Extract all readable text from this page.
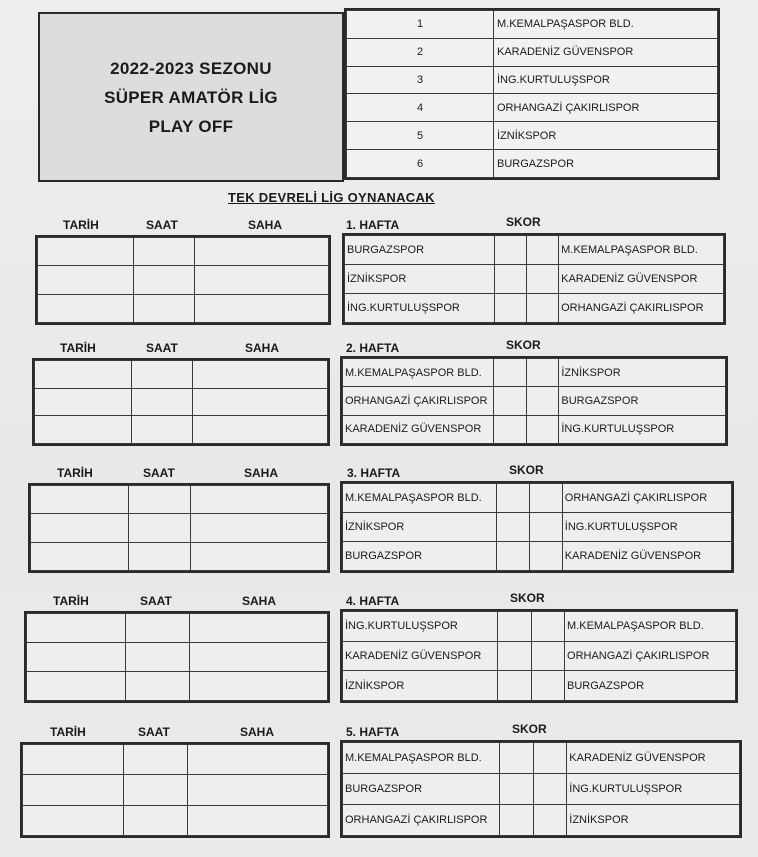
2022-2023 SEZONU
SÜPER AMATÖR LİG
PLAY OFF
1	M.KEMALPAŞASPOR BLD.
2	KARADENİZ GÜVENSPOR
3	İNG.KURTULUŞSPOR
4	ORHANGAZİ ÇAKIRLISPOR
5	İZNİKSPOR
6	BURGAZSPOR
TEK DEVRELİ LİG OYNANACAK
TARİH	SAAT	SAHA	1. HAFTA	SKOR

BURGAZSPOR			M.KEMALPAŞASPOR BLD.
İZNİKSPOR			KARADENİZ GÜVENSPOR
İNG.KURTULUŞSPOR			ORHANGAZİ ÇAKIRLISPOR
TARİH	SAAT	SAHA	2. HAFTA	SKOR

M.KEMALPAŞASPOR BLD.			İZNİKSPOR
ORHANGAZİ ÇAKIRLISPOR			BURGAZSPOR
KARADENİZ GÜVENSPOR			İNG.KURTULUŞSPOR
TARİH	SAAT	SAHA	3. HAFTA	SKOR

M.KEMALPAŞASPOR BLD.			ORHANGAZİ ÇAKIRLISPOR
İZNİKSPOR			İNG.KURTULUŞSPOR
BURGAZSPOR			KARADENİZ GÜVENSPOR
TARİH	SAAT	SAHA	4. HAFTA	SKOR

İNG.KURTULUŞSPOR			M.KEMALPAŞASPOR BLD.
KARADENİZ GÜVENSPOR			ORHANGAZİ ÇAKIRLISPOR
İZNİKSPOR			BURGAZSPOR
TARİH	SAAT	SAHA	5. HAFTA	SKOR

M.KEMALPAŞASPOR BLD.			KARADENİZ GÜVENSPOR
BURGAZSPOR			İNG.KURTULUŞSPOR
ORHANGAZİ ÇAKIRLISPOR			İZNİKSPOR
